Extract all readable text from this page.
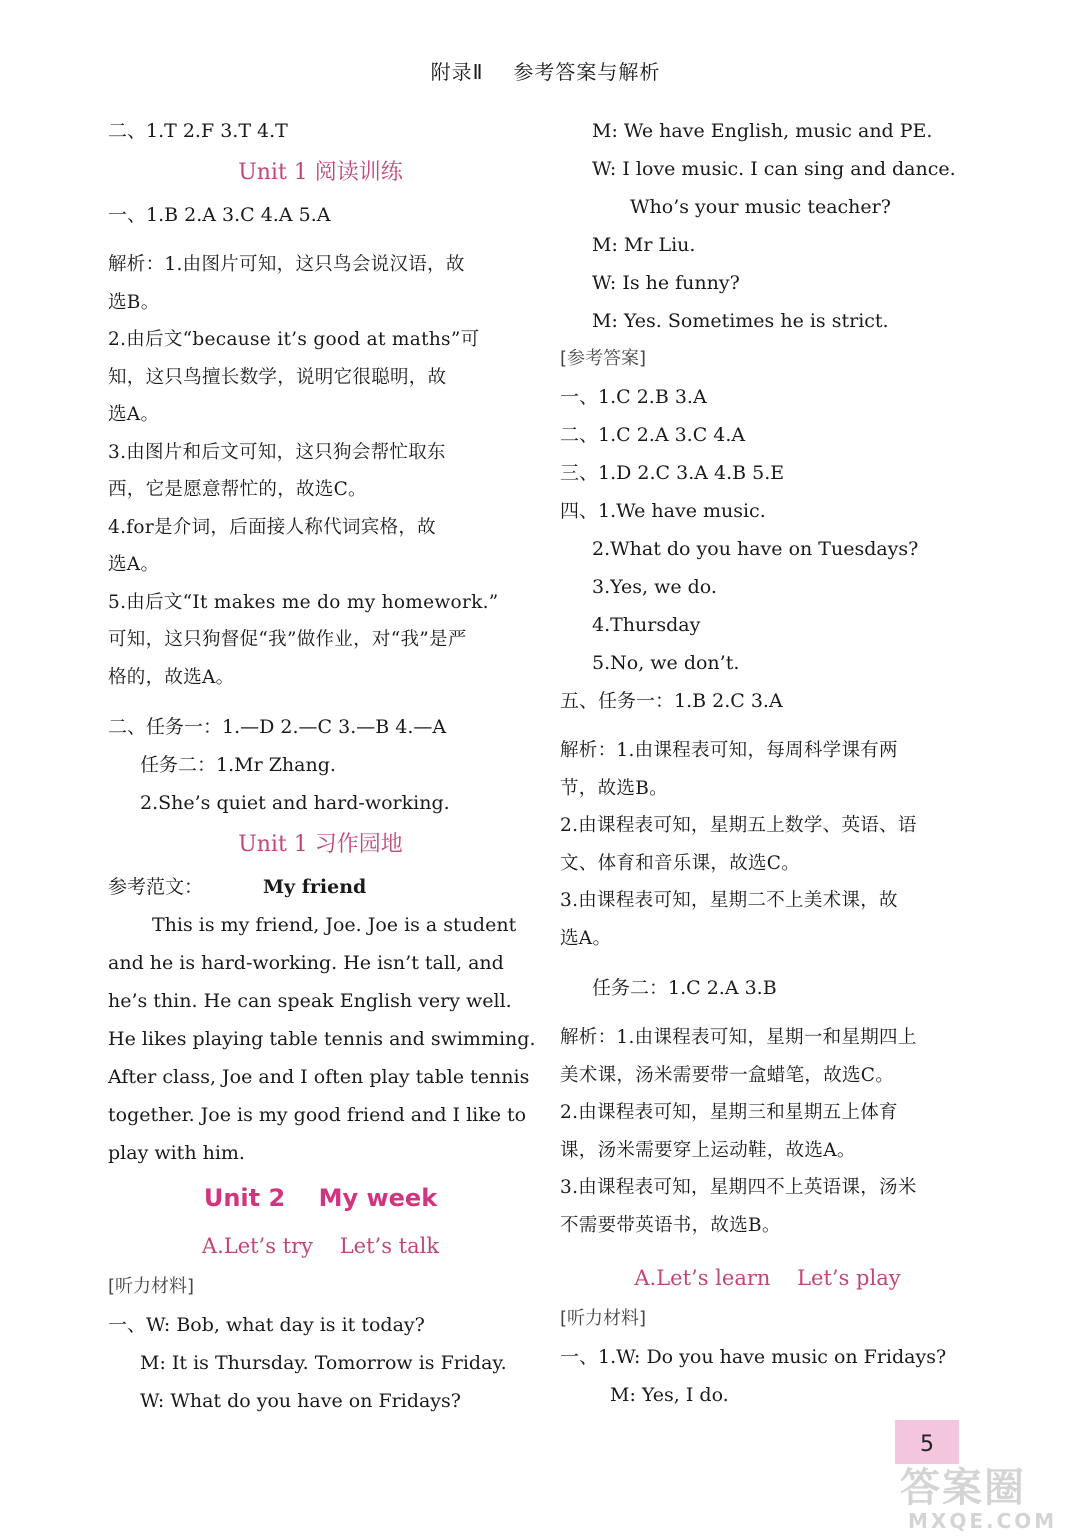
附录Ⅱ 参考答案与解析
二、1.T 2.F 3.T 4.T
Unit 1 阅读训练
一、1.B 2.A 3.C 4.A 5.A
解析：1.由图片可知，这只鸟会说汉语，故
选B。
2.由后文“because it’s good at maths”可
知，这只鸟擅长数学，说明它很聪明，故
选A。
3.由图片和后文可知，这只狗会帮忙取东
西，它是愿意帮忙的，故选C。
4.for是介词，后面接人称代词宾格，故
选A。
5.由后文“It makes me do my homework.”
可知，这只狗督促“我”做作业，对“我”是严
格的，故选A。
二、任务一：1.—D 2.—C 3.—B 4.—A
任务二：1.Mr Zhang.
2.She’s quiet and hard-working.
Unit 1 习作园地
参考范文：	My friend
This is my friend, Joe. Joe is a student
and he is hard-working. He isn’t tall, and
he’s thin. He can speak English very well.
He likes playing table tennis and swimming.
After class, Joe and I often play table tennis
together. Joe is my good friend and I like to
play with him.
Unit 2    My week
A.Let’s try    Let’s talk
[听力材料]
一、W: Bob, what day is it today?
M: It is Thursday. Tomorrow is Friday.
W: What do you have on Fridays?
M: We have English, music and PE.
W: I love music. I can sing and dance.
Who’s your music teacher?
M: Mr Liu.
W: Is he funny?
M: Yes. Sometimes he is strict.
[参考答案]
一、1.C 2.B 3.A
二、1.C 2.A 3.C 4.A
三、1.D 2.C 3.A 4.B 5.E
四、1.We have music.
2.What do you have on Tuesdays?
3.Yes, we do.
4.Thursday
5.No, we don’t.
五、任务一：1.B 2.C 3.A
解析：1.由课程表可知，每周科学课有两
节，故选B。
2.由课程表可知，星期五上数学、英语、语
文、体育和音乐课，故选C。
3.由课程表可知，星期二不上美术课，故
选A。
任务二：1.C 2.A 3.B
解析：1.由课程表可知，星期一和星期四上
美术课，汤米需要带一盒蜡笔，故选C。
2.由课程表可知，星期三和星期五上体育
课，汤米需要穿上运动鞋，故选A。
3.由课程表可知，星期四不上英语课，汤米
不需要带英语书，故选B。
A.Let’s learn    Let’s play
[听力材料]
一、1.W: Do you have music on Fridays?
M: Yes, I do.
5
答案圈
MXQE.COM
